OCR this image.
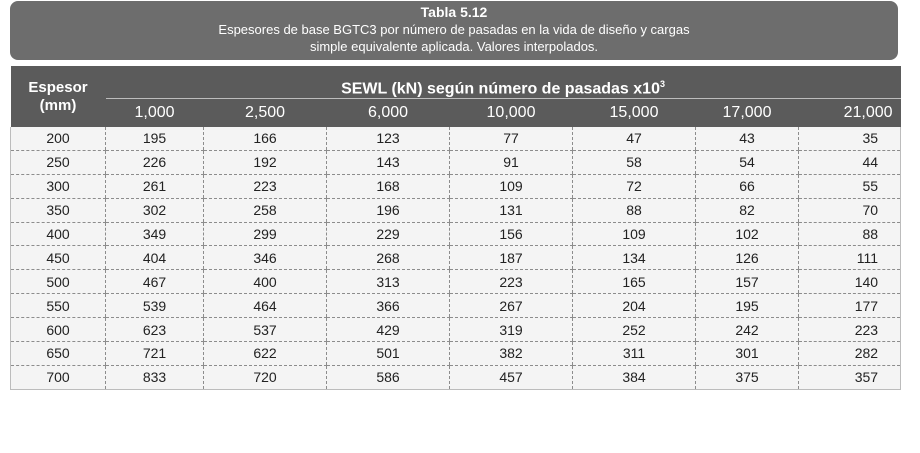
Tabla 5.12
Espesores de base BGTC3 por número de pasadas en la vida de diseño y cargas
simple equivalente aplicada. Valores interpolados.
Espesor
(mm)	SEWL (kN) según número de pasadas $x10^3$
	1,000	2,500	6,000	10,000	15,000	17,000	21,000
200	195	166	123	77	47	43	35
250	226	192	143	91	58	54	44
300	261	223	168	109	72	66	55
350	302	258	196	131	88	82	70
400	349	299	229	156	109	102	88
450	404	346	268	187	134	126	111
500	467	400	313	223	165	157	140
550	539	464	366	267	204	195	177
600	623	537	429	319	252	242	223
650	721	622	501	382	311	301	282
700	833	720	586	457	384	375	357
